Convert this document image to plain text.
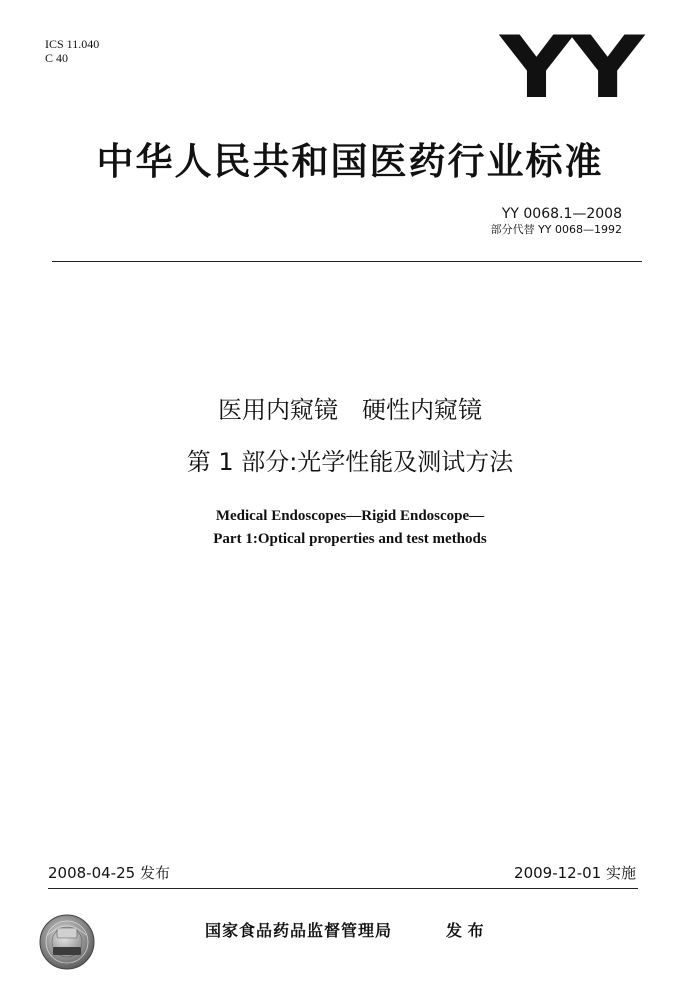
ICS 11.040
C 40	YY
中华人民共和国医药行业标准
YY 0068.1—2008
部分代替 YY 0068—1992
医用内窥镜　硬性内窥镜
第 1 部分:光学性能及测试方法
Medical Endoscopes—Rigid Endoscope—
Part 1:Optical properties and test methods
2008-04-25 发布	2009-12-01 实施
国家食品药品监督管理局	发 布
